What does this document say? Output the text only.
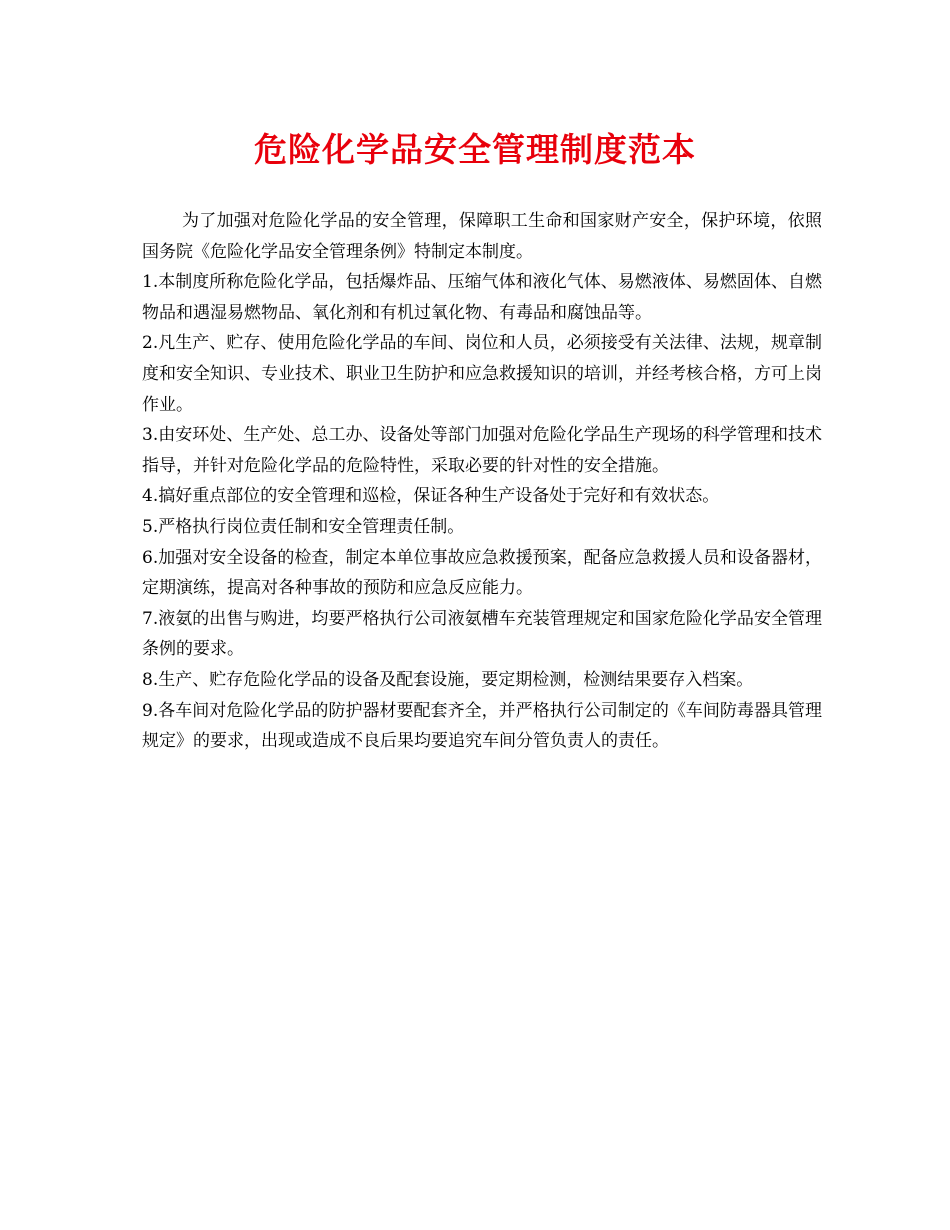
危险化学品安全管理制度范本

为了加强对危险化学品的安全管理，保障职工生命和国家财产安全，保护环境，依照国务院《危险化学品安全管理条例》特制定本制度。

1.本制度所称危险化学品，包括爆炸品、压缩气体和液化气体、易燃液体、易燃固体、自燃物品和遇湿易燃物品、氧化剂和有机过氧化物、有毒品和腐蚀品等。

2.凡生产、贮存、使用危险化学品的车间、岗位和人员，必须接受有关法律、法规，规章制度和安全知识、专业技术、职业卫生防护和应急救援知识的培训，并经考核合格，方可上岗作业。

3.由安环处、生产处、总工办、设备处等部门加强对危险化学品生产现场的科学管理和技术指导，并针对危险化学品的危险特性，采取必要的针对性的安全措施。

4.搞好重点部位的安全管理和巡检，保证各种生产设备处于完好和有效状态。

5.严格执行岗位责任制和安全管理责任制。

6.加强对安全设备的检查，制定本单位事故应急救援预案，配备应急救援人员和设备器材，定期演练，提高对各种事故的预防和应急反应能力。

7.液氨的出售与购进，均要严格执行公司液氨槽车充装管理规定和国家危险化学品安全管理条例的要求。

8.生产、贮存危险化学品的设备及配套设施，要定期检测，检测结果要存入档案。

9.各车间对危险化学品的防护器材要配套齐全，并严格执行公司制定的《车间防毒器具管理规定》的要求，出现或造成不良后果均要追究车间分管负责人的责任。
